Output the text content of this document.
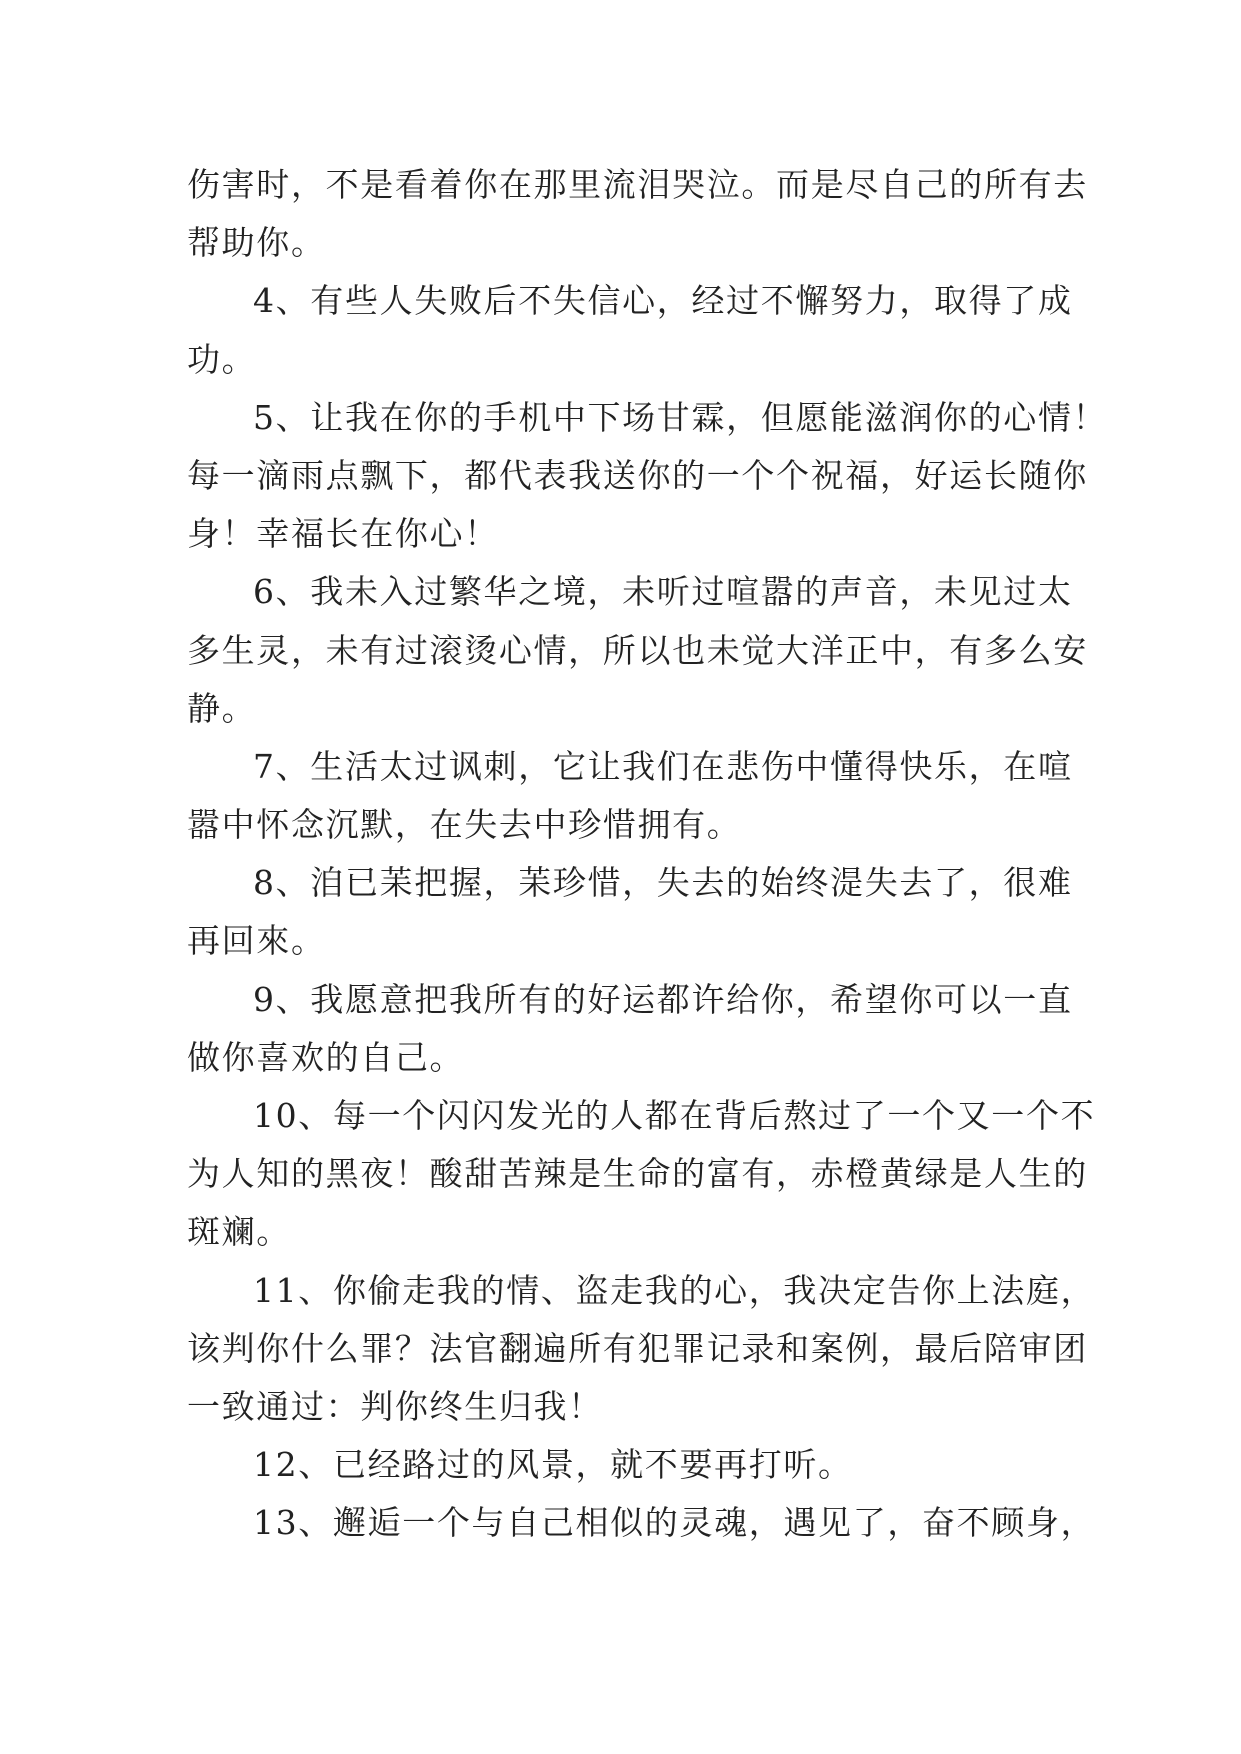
伤害时，不是看着你在那里流泪哭泣。而是尽自己的所有去
帮助你。
4、有些人失败后不失信心，经过不懈努力，取得了成
功。
5、让我在你的手机中下场甘霖，但愿能滋润你的心情！
每一滴雨点飘下，都代表我送你的一个个祝福，好运长随你
身！幸福长在你心！
6、我未入过繁华之境，未听过喧嚣的声音，未见过太
多生灵，未有过滚烫心情，所以也未觉大洋正中，有多么安
静。
7、生活太过讽刺，它让我们在悲伤中懂得快乐，在喧
嚣中怀念沉默，在失去中珍惜拥有。
8、洎已苿把握，苿珍惜，失去的始终湜失去了，很难
再回來。
9、我愿意把我所有的好运都许给你，希望你可以一直
做你喜欢的自己。
10、每一个闪闪发光的人都在背后熬过了一个又一个不
为人知的黑夜！酸甜苦辣是生命的富有，赤橙黄绿是人生的
斑斓。
11、你偷走我的情、盗走我的心，我决定告你上法庭，
该判你什么罪？法官翻遍所有犯罪记录和案例，最后陪审团
一致通过：判你终生归我！
12、已经路过的风景，就不要再打听。
13、邂逅一个与自己相似的灵魂，遇见了，奋不顾身，
